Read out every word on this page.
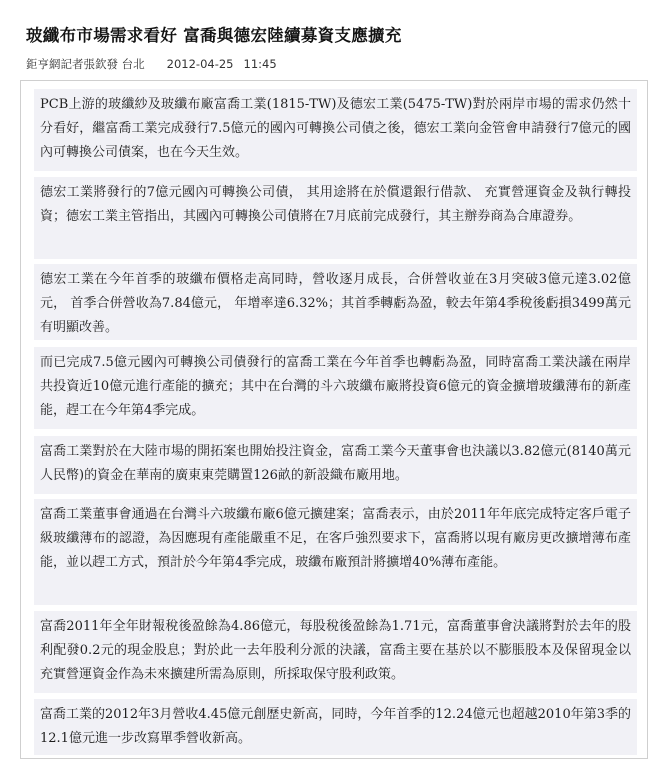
玻纖布市場需求看好 富喬與德宏陸續募資支應擴充
鉅亨網記者張欽發 台北 2012-04-25 11:45

PCB上游的玻纖紗及玻纖布廠富喬工業(1815-TW)及德宏工業(5475-TW)對於兩岸市場的需求仍然十分看好，繼富喬工業完成發行7.5億元的國內可轉換公司債之後，德宏工業向金管會申請發行7億元的國內可轉換公司債案，也在今天生效。

德宏工業將發行的7億元國內可轉換公司債， 其用途將在於償還銀行借款、 充實營運資金及執行轉投資；德宏工業主管指出，其國內可轉換公司債將在7月底前完成發行，其主辦券商為合庫證券。

德宏工業在今年首季的玻纖布價格走高同時，營收逐月成長，合併營收並在3月突破3億元達3.02億元， 首季合併營收為7.84億元， 年增率達6.32%；其首季轉虧為盈，較去年第4季稅後虧損3499萬元有明顯改善。

而已完成7.5億元國內可轉換公司債發行的富喬工業在今年首季也轉虧為盈，同時富喬工業決議在兩岸共投資近10億元進行產能的擴充；其中在台灣的斗六玻纖布廠將投資6億元的資金擴增玻纖薄布的新產能，趕工在今年第4季完成。

富喬工業對於在大陸市場的開拓案也開始投注資金，富喬工業今天董事會也決議以3.82億元(8140萬元人民幣)的資金在華南的廣東東莞購置126畝的新設織布廠用地。

富喬工業董事會通過在台灣斗六玻纖布廠6億元擴建案；富喬表示，由於2011年年底完成特定客戶電子級玻纖薄布的認證，為因應現有產能嚴重不足，在客戶強烈要求下，富喬將以現有廠房更改擴增薄布產能，並以趕工方式，預計於今年第4季完成，玻纖布廠預計將擴增40%薄布產能。

富喬2011年全年財報稅後盈餘為4.86億元，每股稅後盈餘為1.71元，富喬董事會決議將對於去年的股利配發0.2元的現金股息；對於此一去年股利分派的決議，富喬主要在基於以不膨脹股本及保留現金以充實營運資金作為未來擴建所需為原則，所採取保守股利政策。

富喬工業的2012年3月營收4.45億元創歷史新高，同時，今年首季的12.24億元也超越2010年第3季的12.1億元進一步改寫單季營收新高。
